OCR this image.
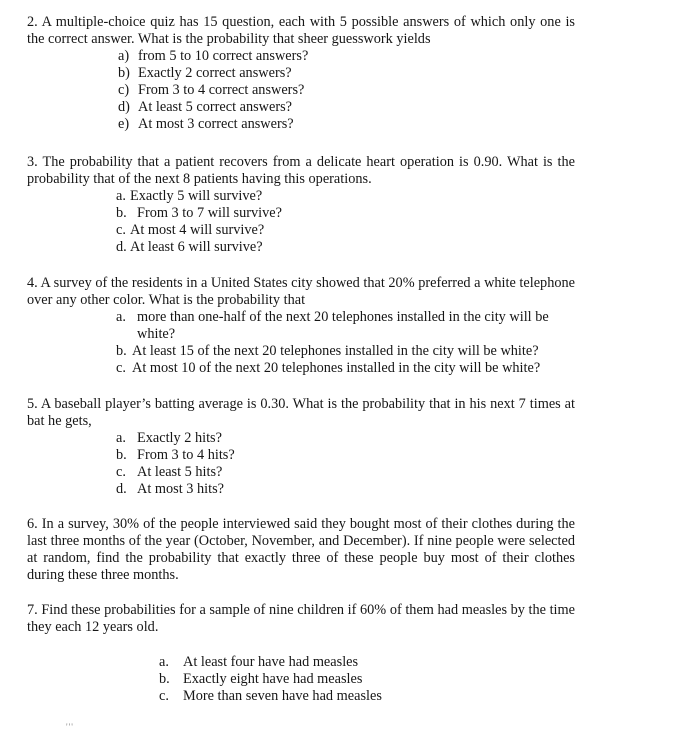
2. A multiple-choice quiz has 15 question, each with 5 possible answers of which only one is the correct answer. What is the probability that sheer guesswork yields

a) from 5 to 10 correct answers?
b) Exactly 2 correct answers?
c) From 3 to 4 correct answers?
d) At least 5 correct answers?
e) At most 3 correct answers?

3. The probability that a patient recovers from a delicate heart operation is 0.90. What is the probability that of the next 8 patients having this operations.

a. Exactly 5 will survive?
b. From 3 to 7 will survive?
c. At most 4 will survive?
d. At least 6 will survive?

4. A survey of the residents in a United States city showed that 20% preferred a white telephone over any other color. What is the probability that

a. more than one-half of the next 20 telephones installed in the city will be white?
b. At least 15 of the next 20 telephones installed in the city will be white?
c. At most 10 of the next 20 telephones installed in the city will be white?

5. A baseball player’s batting average is 0.30. What is the probability that in his next 7 times at bat he gets,

a. Exactly 2 hits?
b. From 3 to 4 hits?
c. At least 5 hits?
d. At most 3 hits?

6. In a survey, 30% of the people interviewed said they bought most of their clothes during the last three months of the year (October, November, and December). If nine people were selected at random, find the probability that exactly three of these people buy most of their clothes during these three months.

7. Find these probabilities for a sample of nine children if 60% of them had measles by the time they each 12 years old.

a. At least four have had measles
b. Exactly eight have had measles
c. More than seven have had measles
'''
